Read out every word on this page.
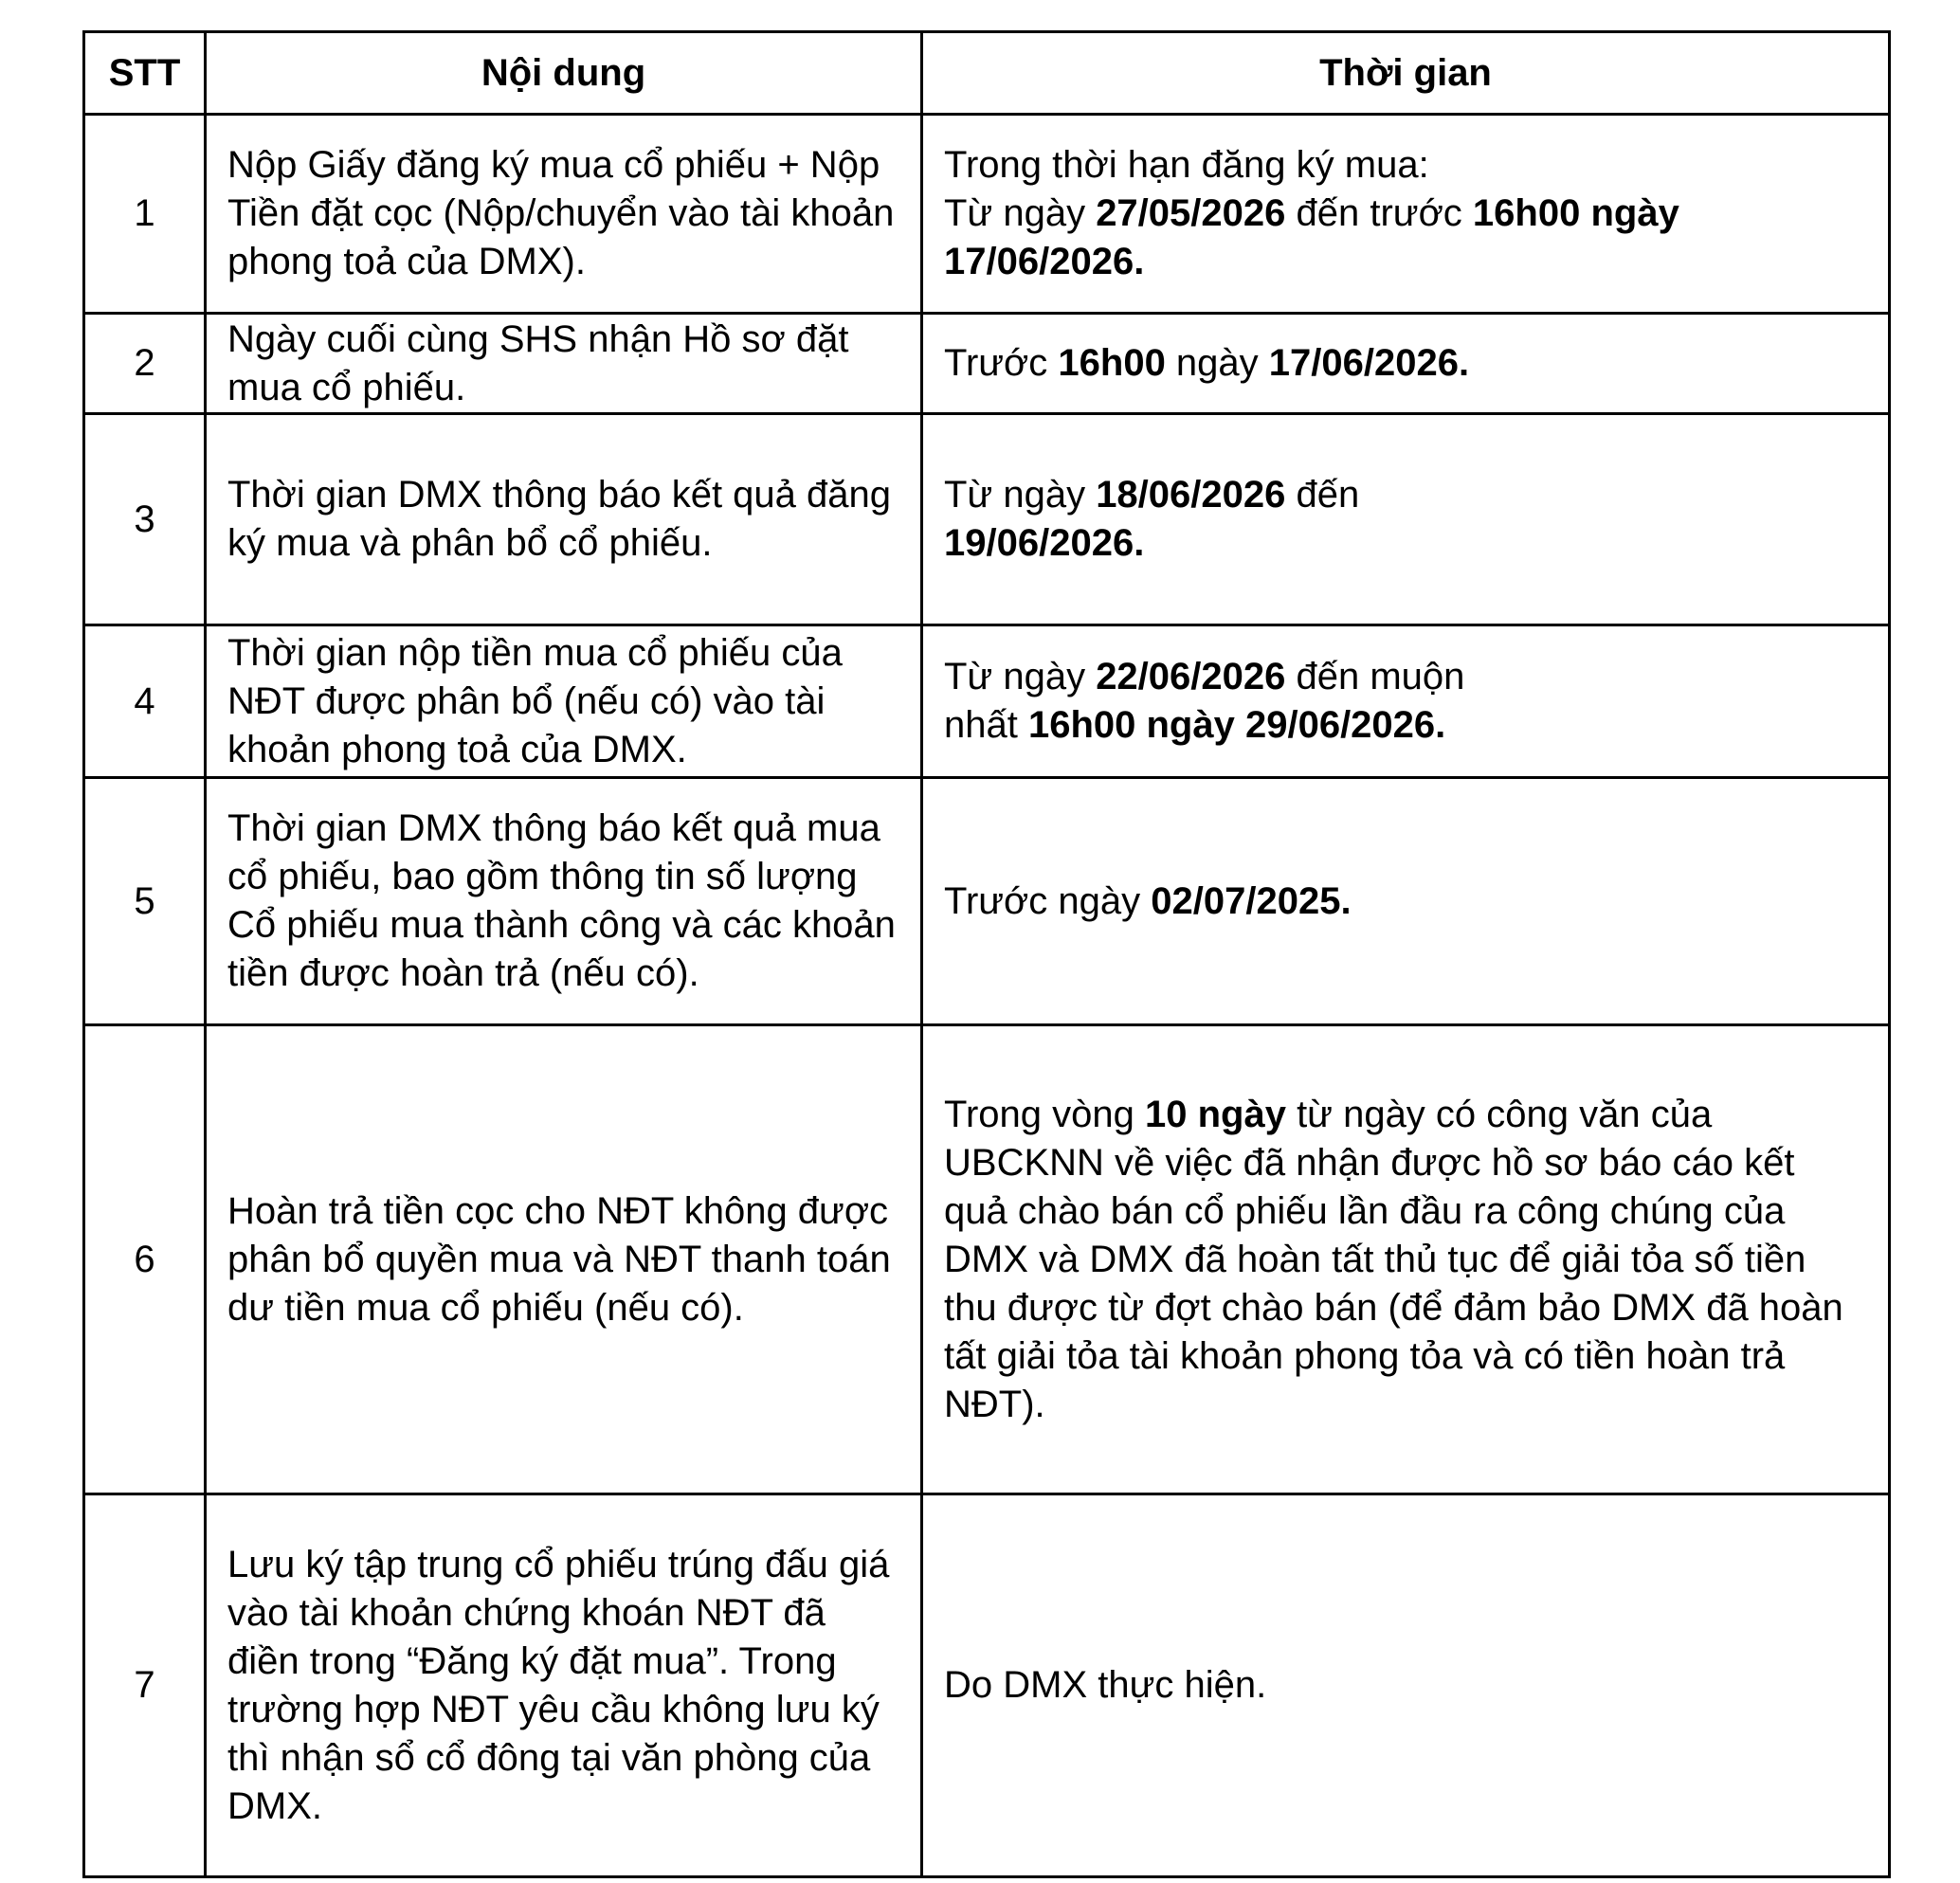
STT	Nội dung	Thời gian
1	Nộp Giấy đăng ký mua cổ phiếu + Nộp Tiền đặt cọc (Nộp/chuyển vào tài khoản phong toả của DMX).	Trong thời hạn đăng ký mua:
Từ ngày 27/05/2026 đến trước 16h00 ngày 17/06/2026.

2	Ngày cuối cùng SHS nhận Hồ sơ đặt mua cổ phiếu.	Trước 16h00 ngày 17/06/2026.

3	Thời gian DMX thông báo kết quả đăng ký mua và phân bổ cổ phiếu.	Từ ngày 18/06/2026 đến
19/06/2026.

4	Thời gian nộp tiền mua cổ phiếu của NĐT được phân bổ (nếu có) vào tài khoản phong toả của DMX.	Từ ngày 22/06/2026 đến muộn
nhất 16h00 ngày 29/06/2026.

5	Thời gian DMX thông báo kết quả mua cổ phiếu, bao gồm thông tin số lượng Cổ phiếu mua thành công và các khoản tiền được hoàn trả (nếu có).	Trước ngày 02/07/2025.

6	Hoàn trả tiền cọc cho NĐT không được phân bổ quyền mua và NĐT thanh toán dư tiền mua cổ phiếu (nếu có).	Trong vòng 10 ngày từ ngày có công văn của UBCKNN về việc đã nhận được hồ sơ báo cáo kết quả chào bán cổ phiếu lần đầu ra công chúng của DMX và DMX đã hoàn tất thủ tục để giải tỏa số tiền thu được từ đợt chào bán (để đảm bảo DMX đã hoàn tất giải tỏa tài khoản phong tỏa và có tiền hoàn trả NĐT).

7	Lưu ký tập trung cổ phiếu trúng đấu giá vào tài khoản chứng khoán NĐT đã điền trong “Đăng ký đặt mua”. Trong trường hợp NĐT yêu cầu không lưu ký thì nhận sổ cổ đông tại văn phòng của DMX.	Do DMX thực hiện.
